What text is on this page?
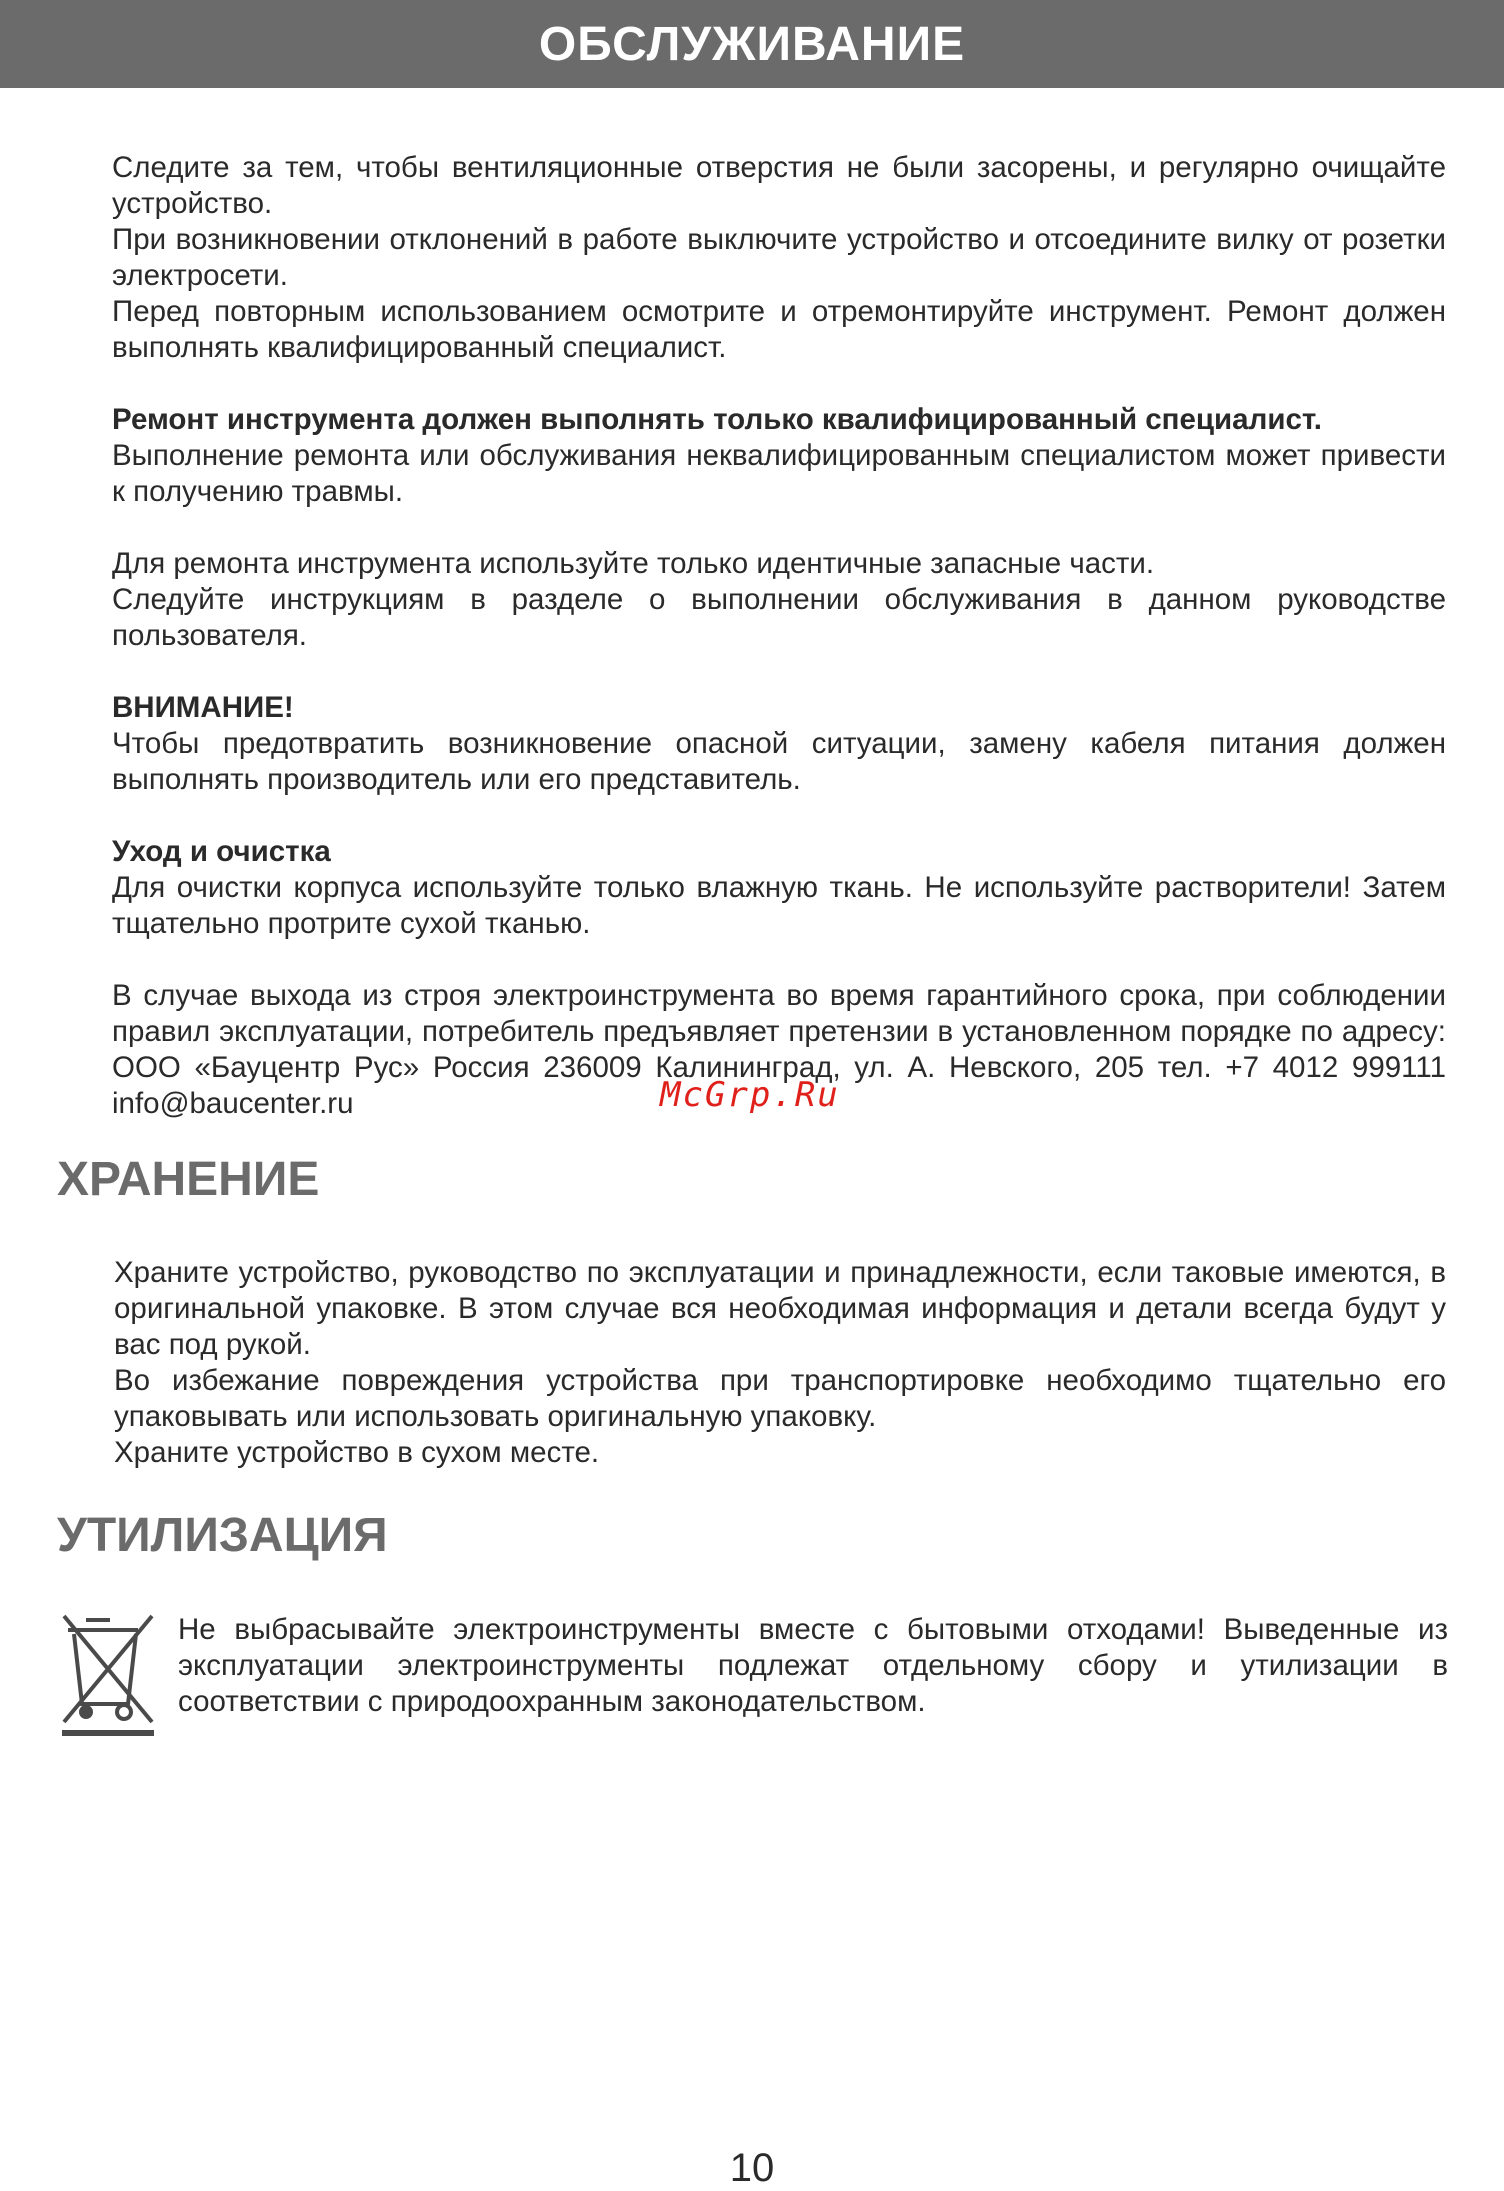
ОБСЛУЖИВАНИЕ

Следите за тем, чтобы вентиляционные отверстия не были засорены, и регулярно очищайте устройство.

При возникновении отклонений в работе выключите устройство и отсоедините вилку от розетки электросети.

Перед повторным использованием осмотрите и отремонтируйте инструмент. Ремонт должен выполнять квалифицированный специалист.

Ремонт инструмента должен выполнять только квалифицированный специалист.

Выполнение ремонта или обслуживания неквалифицированным специалистом может привести к получению травмы.

Для ремонта инструмента используйте только идентичные запасные части.

Следуйте инструкциям в разделе о выполнении обслуживания в данном руководстве пользователя.

ВНИМАНИЕ!

Чтобы предотвратить возникновение опасной ситуации, замену кабеля питания должен выполнять производитель или его представитель.

Уход и очистка

Для очистки корпуса используйте только влажную ткань. Не используйте растворители! Затем тщательно протрите сухой тканью.

В случае выхода из строя электроинструмента во время гарантийного срока, при соблюдении правил эксплуатации, потребитель предъявляет претензии в установленном порядке по адресу: ООО «Бауцентр Рус» Россия 236009 Калининград, ул. А. Невского, 205 тел. +7 4012 999111 info@baucenter.ru	McGrp.Ru
ХРАНЕНИЕ

Храните устройство, руководство по эксплуатации и принадлежности, если таковые имеются, в оригинальной упаковке. В этом случае вся необходимая информация и детали всегда будут у вас под рукой.

Во избежание повреждения устройства при транспортировке необходимо тщательно его упаковывать или использовать оригинальную упаковку.

Храните устройство в сухом месте.

УТИЛИЗАЦИЯ

Не выбрасывайте электроинструменты вместе с бытовыми отходами! Выведенные из эксплуатации электроинструменты подлежат отдельному сбору и утилизации в соответствии с природоохранным законодательством.

10
